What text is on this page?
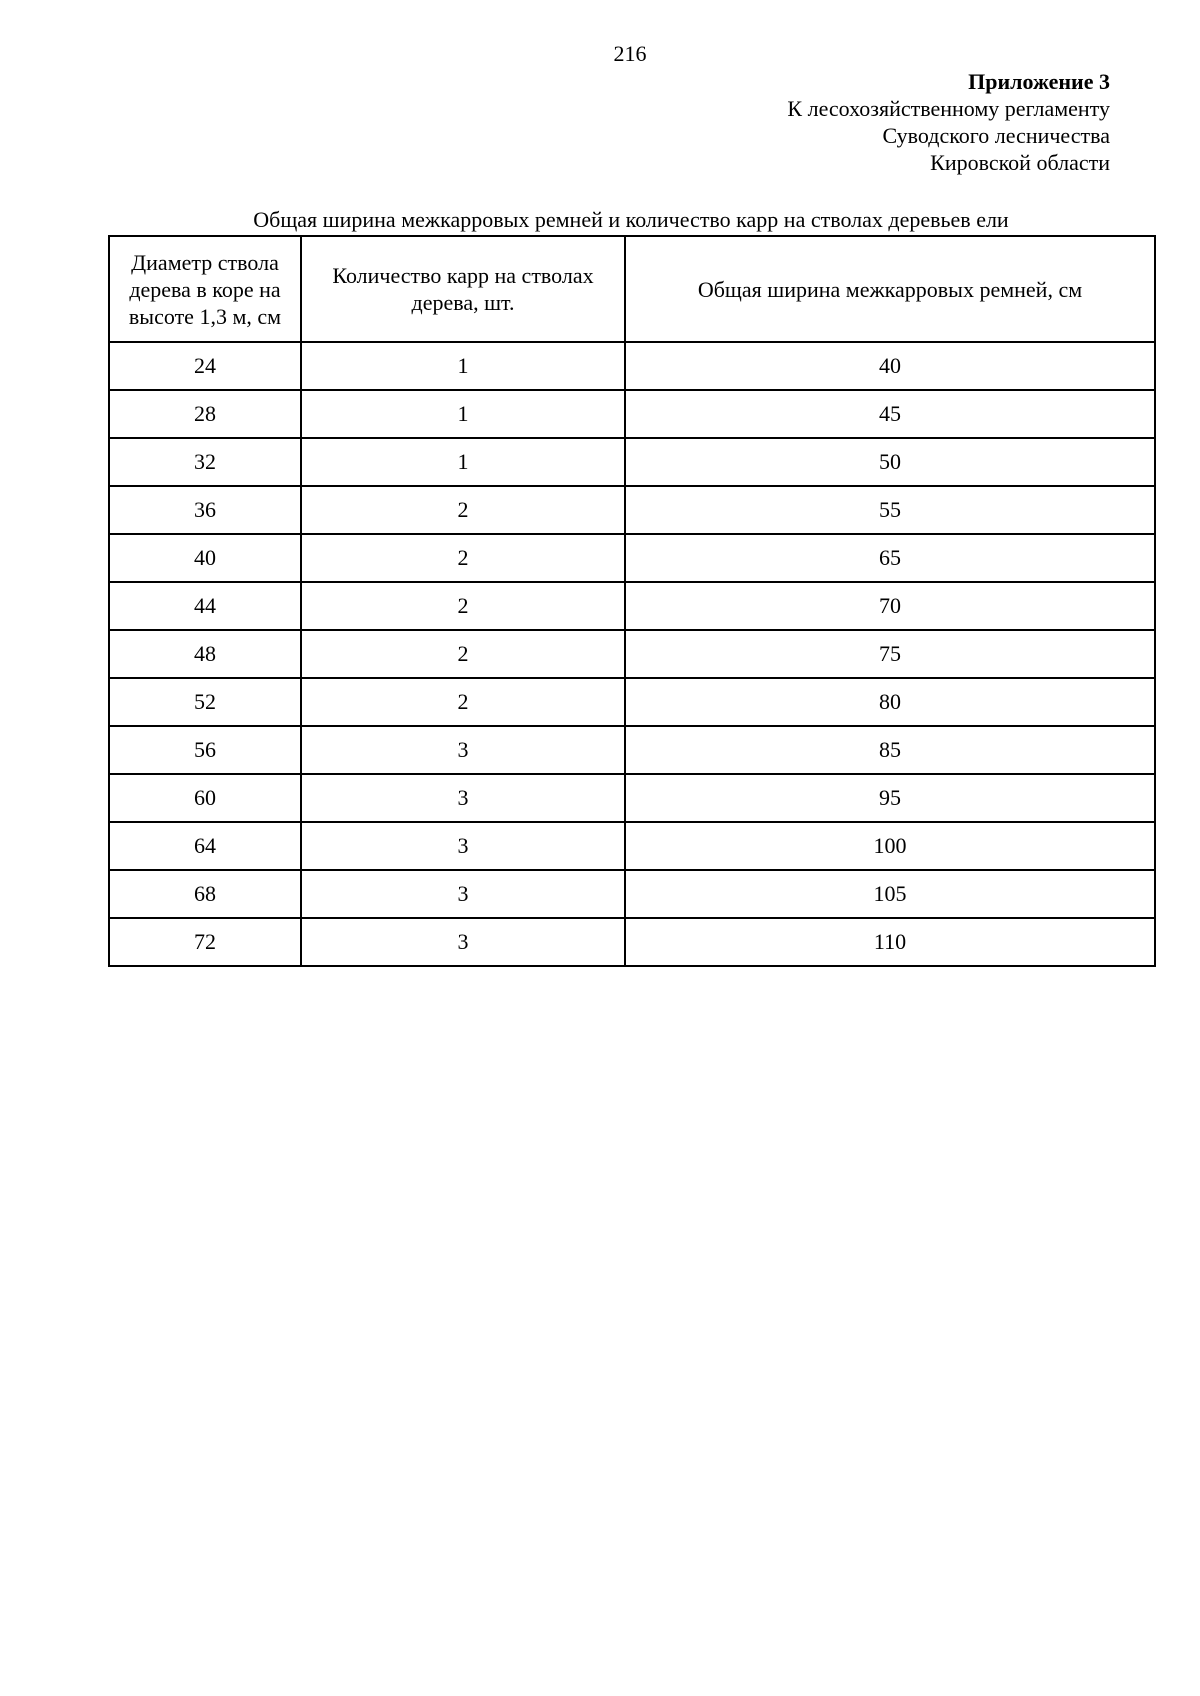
216
Приложение 3
К лесохозяйственному регламенту
Суводского лесничества
Кировской области
Общая ширина межкарровых ремней и количество карр на стволах деревьев ели
Диаметр ствола дерева в коре на высоте 1,3 м, см	Количество карр на стволах дерева, шт.	Общая ширина межкарровых ремней, см
24	1	40
28	1	45
32	1	50
36	2	55
40	2	65
44	2	70
48	2	75
52	2	80
56	3	85
60	3	95
64	3	100
68	3	105
72	3	110
